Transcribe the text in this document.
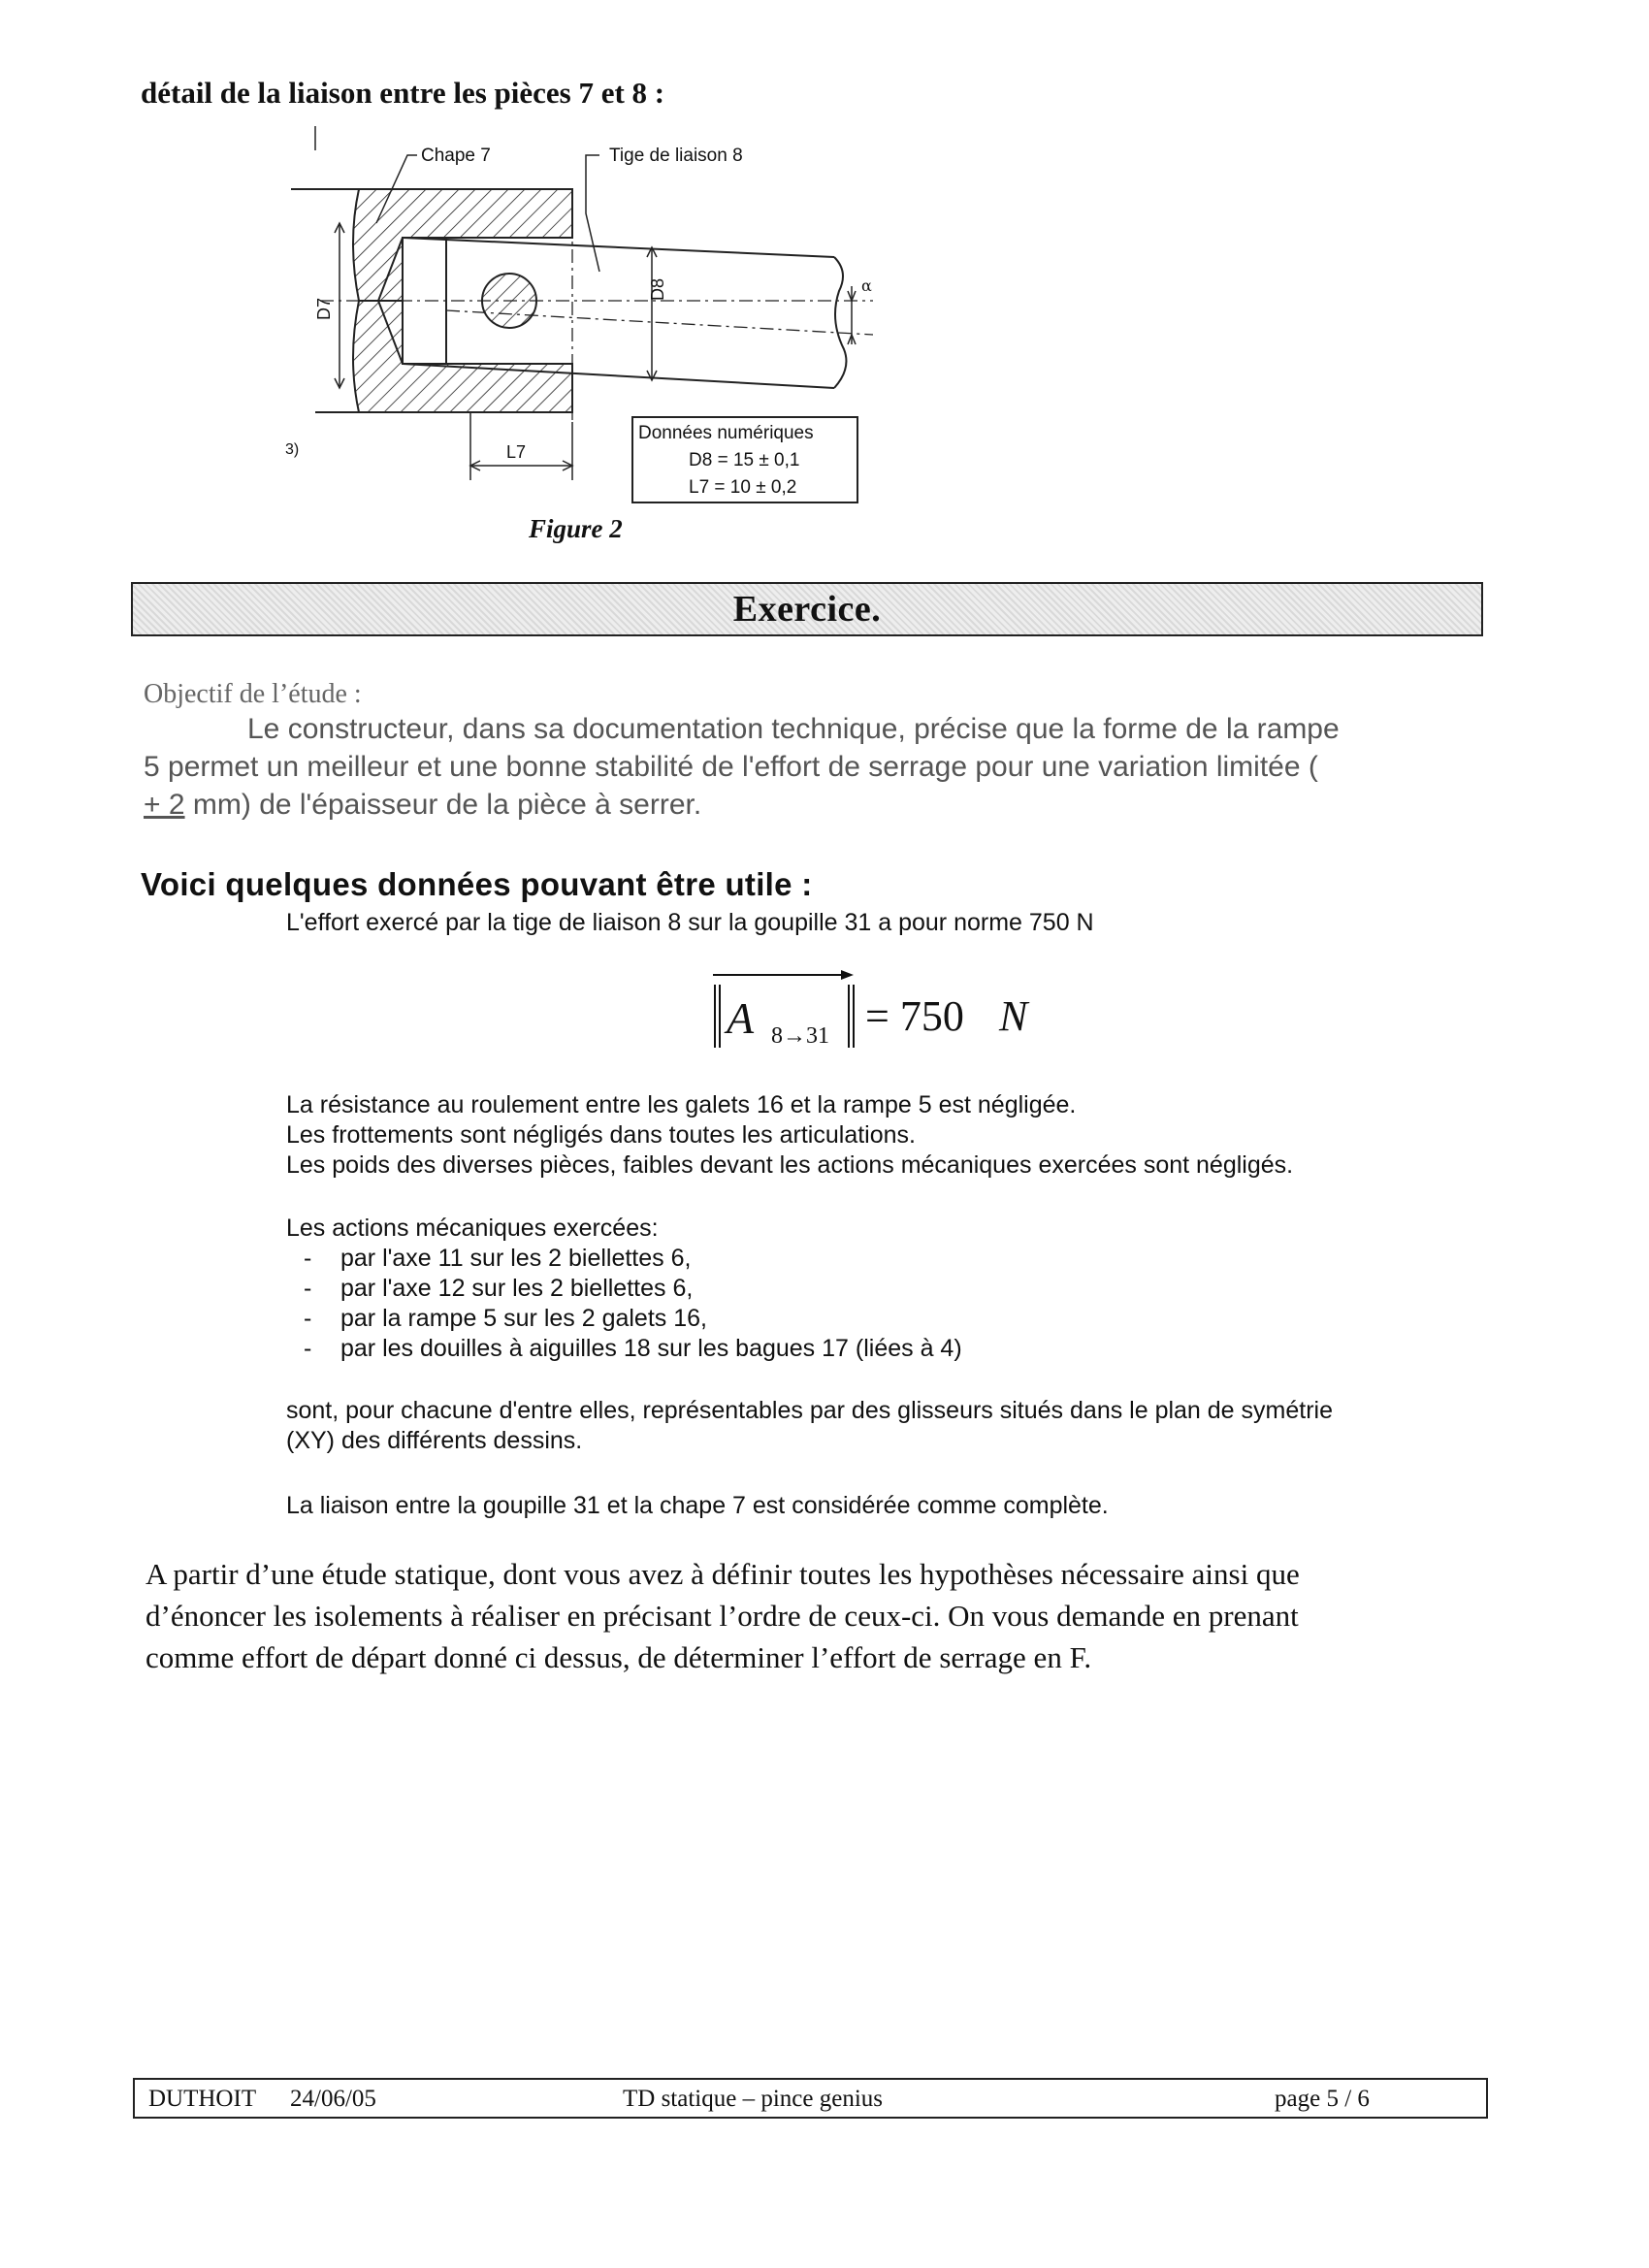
détail de la liaison entre les pièces 7 et 8 :
Chape 7	Tige de liaison 8
D7
D8	α
L7
3)
Données numériques
D8 = 15 ± 0,1
L7 = 10 ± 0,2
Figure 2
Exercice.
Objectif de l’étude :
Le constructeur, dans sa documentation technique, précise que la forme de la rampe
5 permet un meilleur et une bonne stabilité de l'effort de serrage pour une variation limitée (
+ 2 mm) de l'épaisseur de la pièce à serrer.
Voici quelques données pouvant être utile :
L'effort exercé par la tige de liaison 8 sur la goupille 31 a pour norme 750 N
A 8→31 = 750 N
La résistance au roulement entre les galets 16 et la rampe 5 est négligée.
Les frottements sont négligés dans toutes les articulations.
Les poids des diverses pièces, faibles devant les actions mécaniques exercées sont négligés.
Les actions mécaniques exercées:
- par l'axe 11 sur les 2 biellettes 6,
- par l'axe 12 sur les 2 biellettes 6,
- par la rampe 5 sur les 2 galets 16,
- par les douilles à aiguilles 18 sur les bagues 17 (liées à 4)
sont, pour chacune d'entre elles, représentables par des glisseurs situés dans le plan de symétrie
(XY) des différents dessins.
La liaison entre la goupille 31 et la chape 7 est considérée comme complète.
A partir d’une étude statique, dont vous avez à définir toutes les hypothèses nécessaire ainsi que
d’énoncer les isolements à réaliser en précisant l’ordre de ceux-ci. On vous demande en prenant
comme effort de départ donné ci dessus, de déterminer l’effort de serrage en F.
DUTHOIT 24/06/05	TD statique – pince genius	page 5 / 6
